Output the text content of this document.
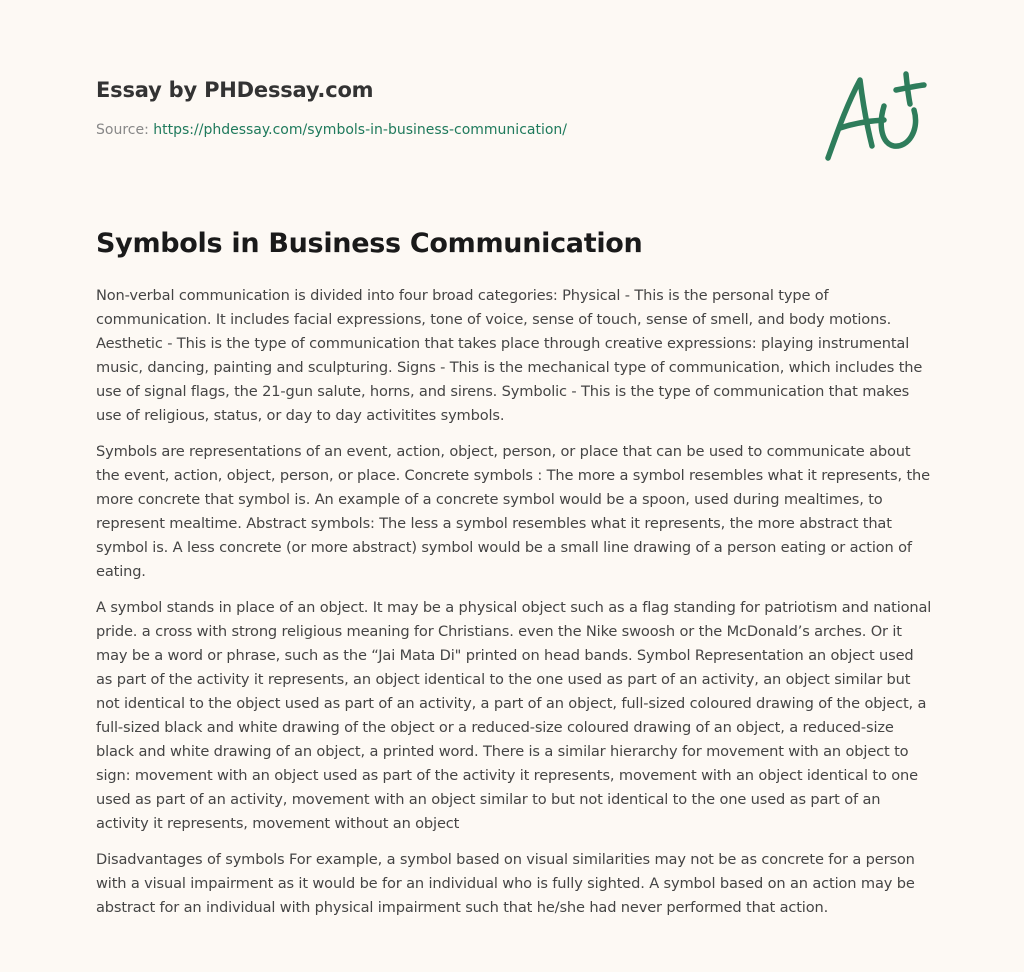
Essay by PHDessay.com
Source: https://phdessay.com/symbols-in-business-communication/
Symbols in Business Communication

Non-verbal communication is divided into four broad categories: Physical - This is the personal type of communication. It includes facial expressions, tone of voice, sense of touch, sense of smell, and body motions. Aesthetic - This is the type of communication that takes place through creative expressions: playing instrumental music, dancing, painting and sculpturing. Signs - This is the mechanical type of communication, which includes the use of signal flags, the 21-gun salute, horns, and sirens. Symbolic - This is the type of communication that makes use of religious, status, or day to day activitites symbols.

Symbols are representations of an event, action, object, person, or place that can be used to communicate about the event, action, object, person, or place. Concrete symbols : The more a symbol resembles what it represents, the more concrete that symbol is. An example of a concrete symbol would be a spoon, used during mealtimes, to represent mealtime. Abstract symbols: The less a symbol resembles what it represents, the more abstract that symbol is. A less concrete (or more abstract) symbol would be a small line drawing of a person eating or action of eating.

A symbol stands in place of an object. It may be a physical object such as a flag standing for patriotism and national pride. a cross with strong religious meaning for Christians. even the Nike swoosh or the McDonald’s arches. Or it may be a word or phrase, such as the “Jai Mata Di" printed on head bands. Symbol Representation an object used as part of the activity it represents, an object identical to the one used as part of an activity, an object similar but not identical to the object used as part of an activity, a part of an object, full-sized coloured drawing of the object, a full-sized black and white drawing of the object or a reduced-size coloured drawing of an object, a reduced-size black and white drawing of an object, a printed word. There is a similar hierarchy for movement with an object to sign: movement with an object used as part of the activity it represents, movement with an object identical to one used as part of an activity, movement with an object similar to but not identical to the one used as part of an activity it represents, movement without an object

Disadvantages of symbols For example, a symbol based on visual similarities may not be as concrete for a person with a visual impairment as it would be for an individual who is fully sighted. A symbol based on an action may be abstract for an individual with physical impairment such that he/she had never performed that action.
